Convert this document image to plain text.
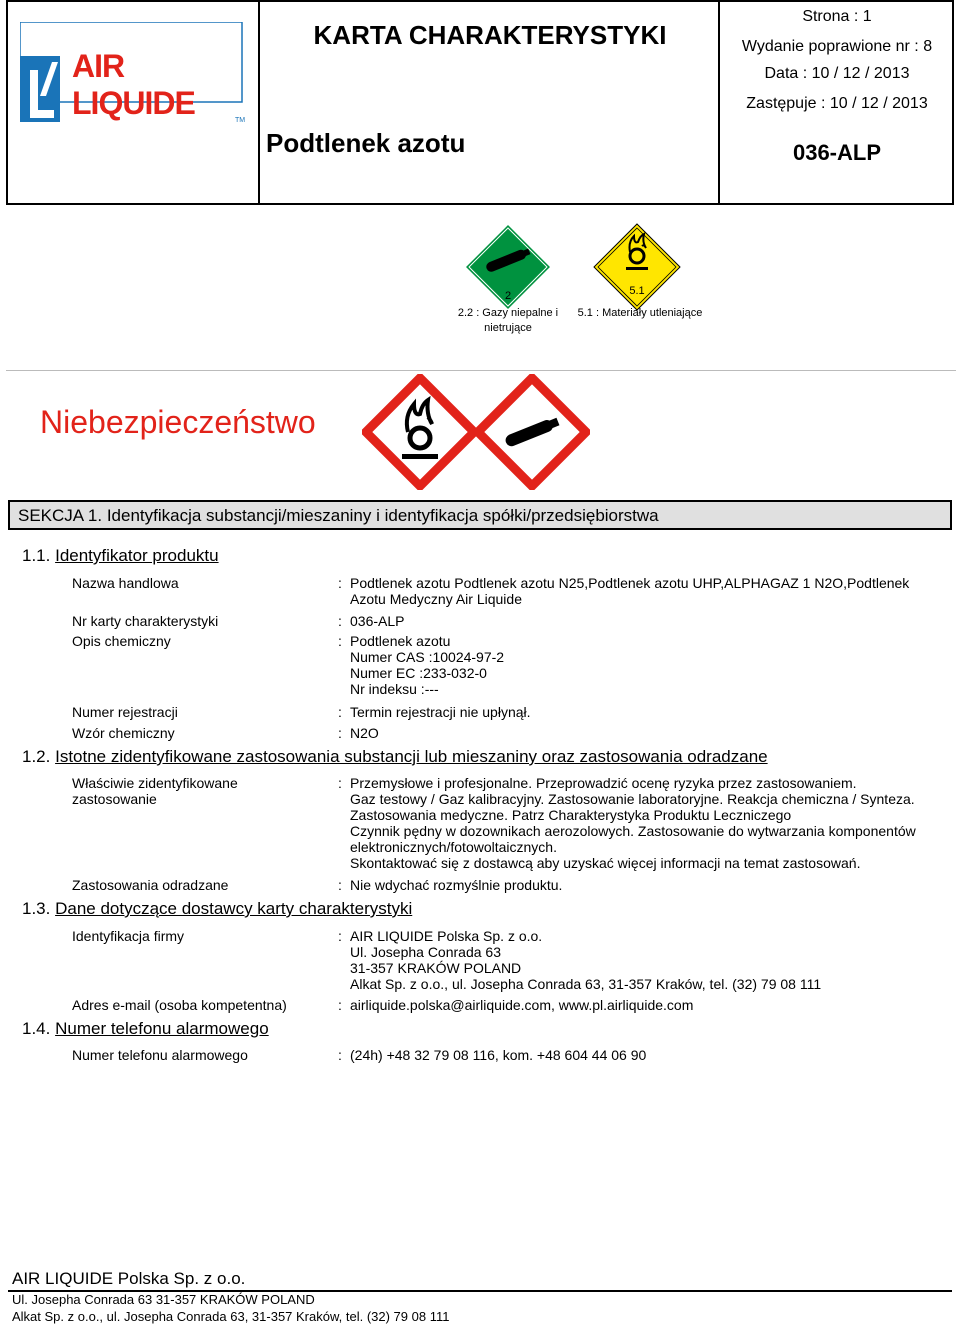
AIR LIQUIDE	TM
KARTA CHARAKTERYSTYKI
Podtlenek azotu
Strona : 1
Wydanie poprawione nr : 8
Data : 10 / 12 / 2013
Zastępuje : 10 / 12 / 2013
036-ALP
2	5.1
2.2 : Gazy niepalne i
nietrujące
5.1 : Materiały utleniające
Niebezpieczeństwo
SEKCJA 1. Identyfikacja substancji/mieszaniny i identyfikacja spółki/przedsiębiorstwa
1.1. Identyfikator produktu
Nazwa handlowa	: Podtlenek azotu Podtlenek azotu N25,Podtlenek azotu UHP,ALPHAGAZ 1 N2O,Podtlenek
Azotu Medyczny Air Liquide
Nr karty charakterystyki	: 036-ALP
Opis chemiczny	: Podtlenek azotu
Numer CAS :10024-97-2
Numer EC :233-032-0
Nr indeksu :---
Numer rejestracji	: Termin rejestracji nie upłynął.
Wzór chemiczny	: N2O
1.2. Istotne zidentyfikowane zastosowania substancji lub mieszaniny oraz zastosowania odradzane
Właściwie zidentyfikowane
zastosowanie
: Przemysłowe i profesjonalne. Przeprowadzić ocenę ryzyka przez zastosowaniem.
Gaz testowy / Gaz kalibracyjny. Zastosowanie laboratoryjne. Reakcja chemiczna / Synteza.
Zastosowania medyczne. Patrz Charakterystyka Produktu Leczniczego
Czynnik pędny w dozownikach aerozolowych. Zastosowanie do wytwarzania komponentów
elektronicznych/fotowoltaicznych.
Skontaktować się z dostawcą aby uzyskać więcej informacji na temat zastosowań.
Zastosowania odradzane	: Nie wdychać rozmyślnie produktu.
1.3. Dane dotyczące dostawcy karty charakterystyki
Identyfikacja firmy	: AIR LIQUIDE Polska Sp. z o.o.
Ul. Josepha Conrada 63
31-357 KRAKÓW POLAND
Alkat Sp. z o.o., ul. Josepha Conrada 63, 31-357 Kraków, tel. (32) 79 08 111
Adres e-mail (osoba kompetentna)	: airliquide.polska@airliquide.com, www.pl.airliquide.com
1.4. Numer telefonu alarmowego
Numer telefonu alarmowego	: (24h) +48 32 79 08 116, kom. +48 604 44 06 90
AIR LIQUIDE Polska Sp. z o.o.
Ul. Josepha Conrada 63 31-357 KRAKÓW POLAND
Alkat Sp. z o.o., ul. Josepha Conrada 63, 31-357 Kraków, tel. (32) 79 08 111
